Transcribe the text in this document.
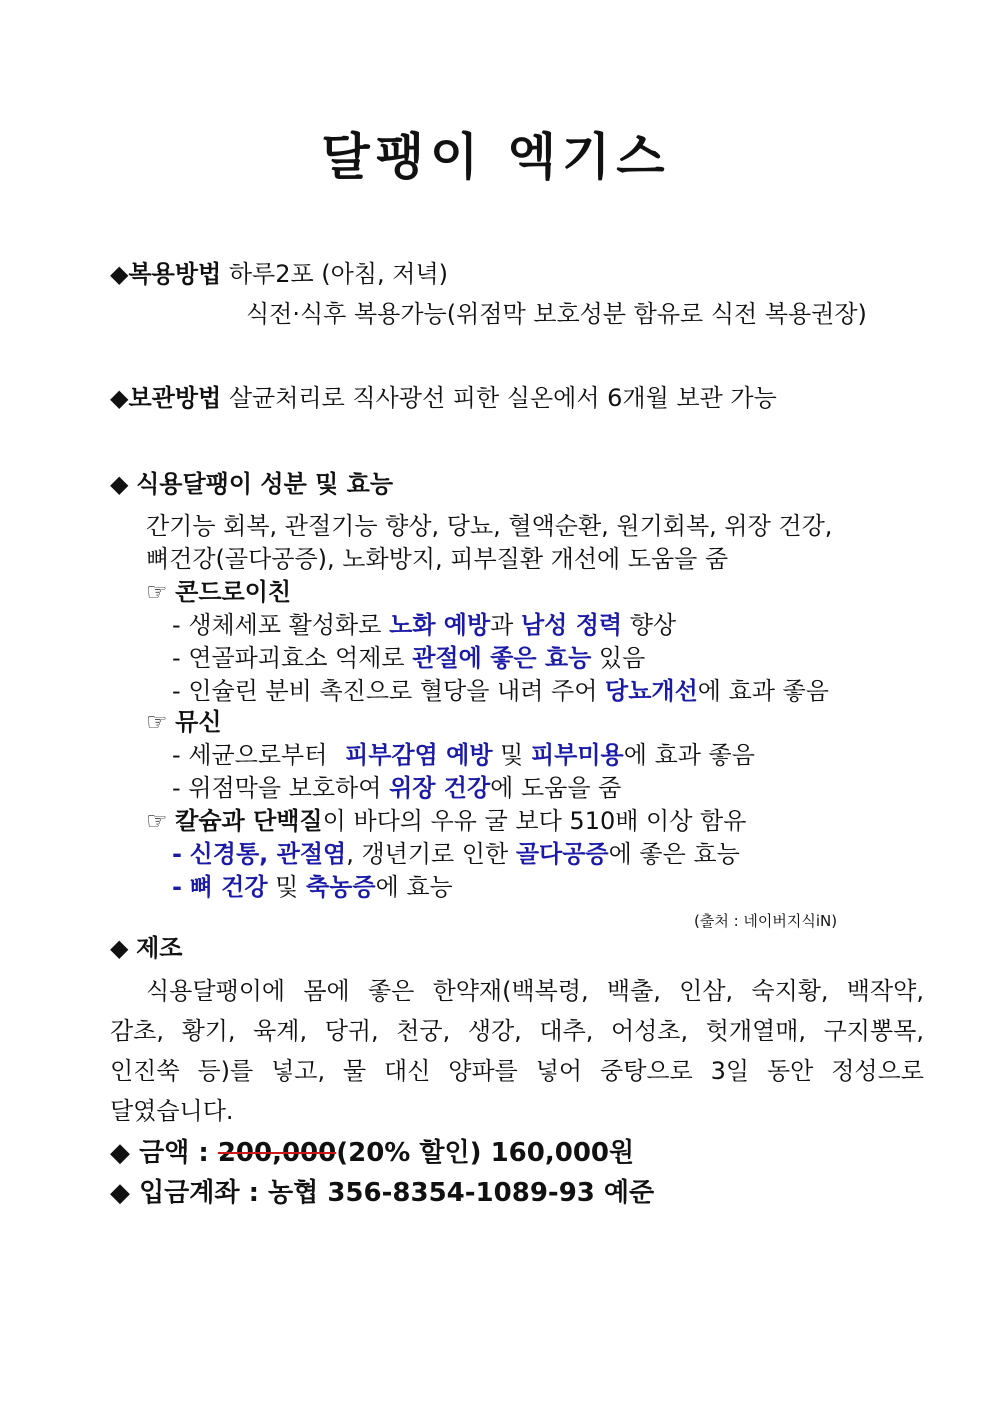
달팽이 엑기스
◆복용방법 하루2포 (아침, 저녁)
식전·식후 복용가능(위점막 보호성분 함유로 식전 복용권장)
◆보관방법 살균처리로 직사광선 피한 실온에서 6개월 보관 가능
◆ 식용달팽이 성분 및 효능
간기능 회복, 관절기능 향상, 당뇨, 혈액순환, 원기회복, 위장 건강,
뼈건강(골다공증), 노화방지, 피부질환 개선에 도움을 줌
☞ 콘드로이친
- 생체세포 활성화로 노화 예방과 남성 정력 향상
- 연골파괴효소 억제로 관절에 좋은 효능 있음
- 인슐린 분비 촉진으로 혈당을 내려 주어 당뇨개선에 효과 좋음
☞ 뮤신
- 세균으로부터 피부감염 예방 및 피부미용에 효과 좋음
- 위점막을 보호하여 위장 건강에 도움을 줌
☞ 칼슘과 단백질이 바다의 우유 굴 보다 510배 이상 함유
- 신경통, 관절염, 갱년기로 인한 골다공증에 좋은 효능
- 뼈 건강 및 축농증에 효능
(출처 : 네이버지식iN)
◆ 제조
식용달팽이에 몸에 좋은 한약재(백복령, 백출, 인삼, 숙지황, 백작약,
감초, 황기, 육계, 당귀, 천궁, 생강, 대추, 어성초, 헛개열매, 구지뽕목,
인진쑥 등)를 넣고, 물 대신 양파를 넣어 중탕으로 3일 동안 정성으로
달였습니다.
◆ 금액 : 200,000(20% 할인) 160,000원
◆ 입금계좌 : 농협 356-8354-1089-93 예준
